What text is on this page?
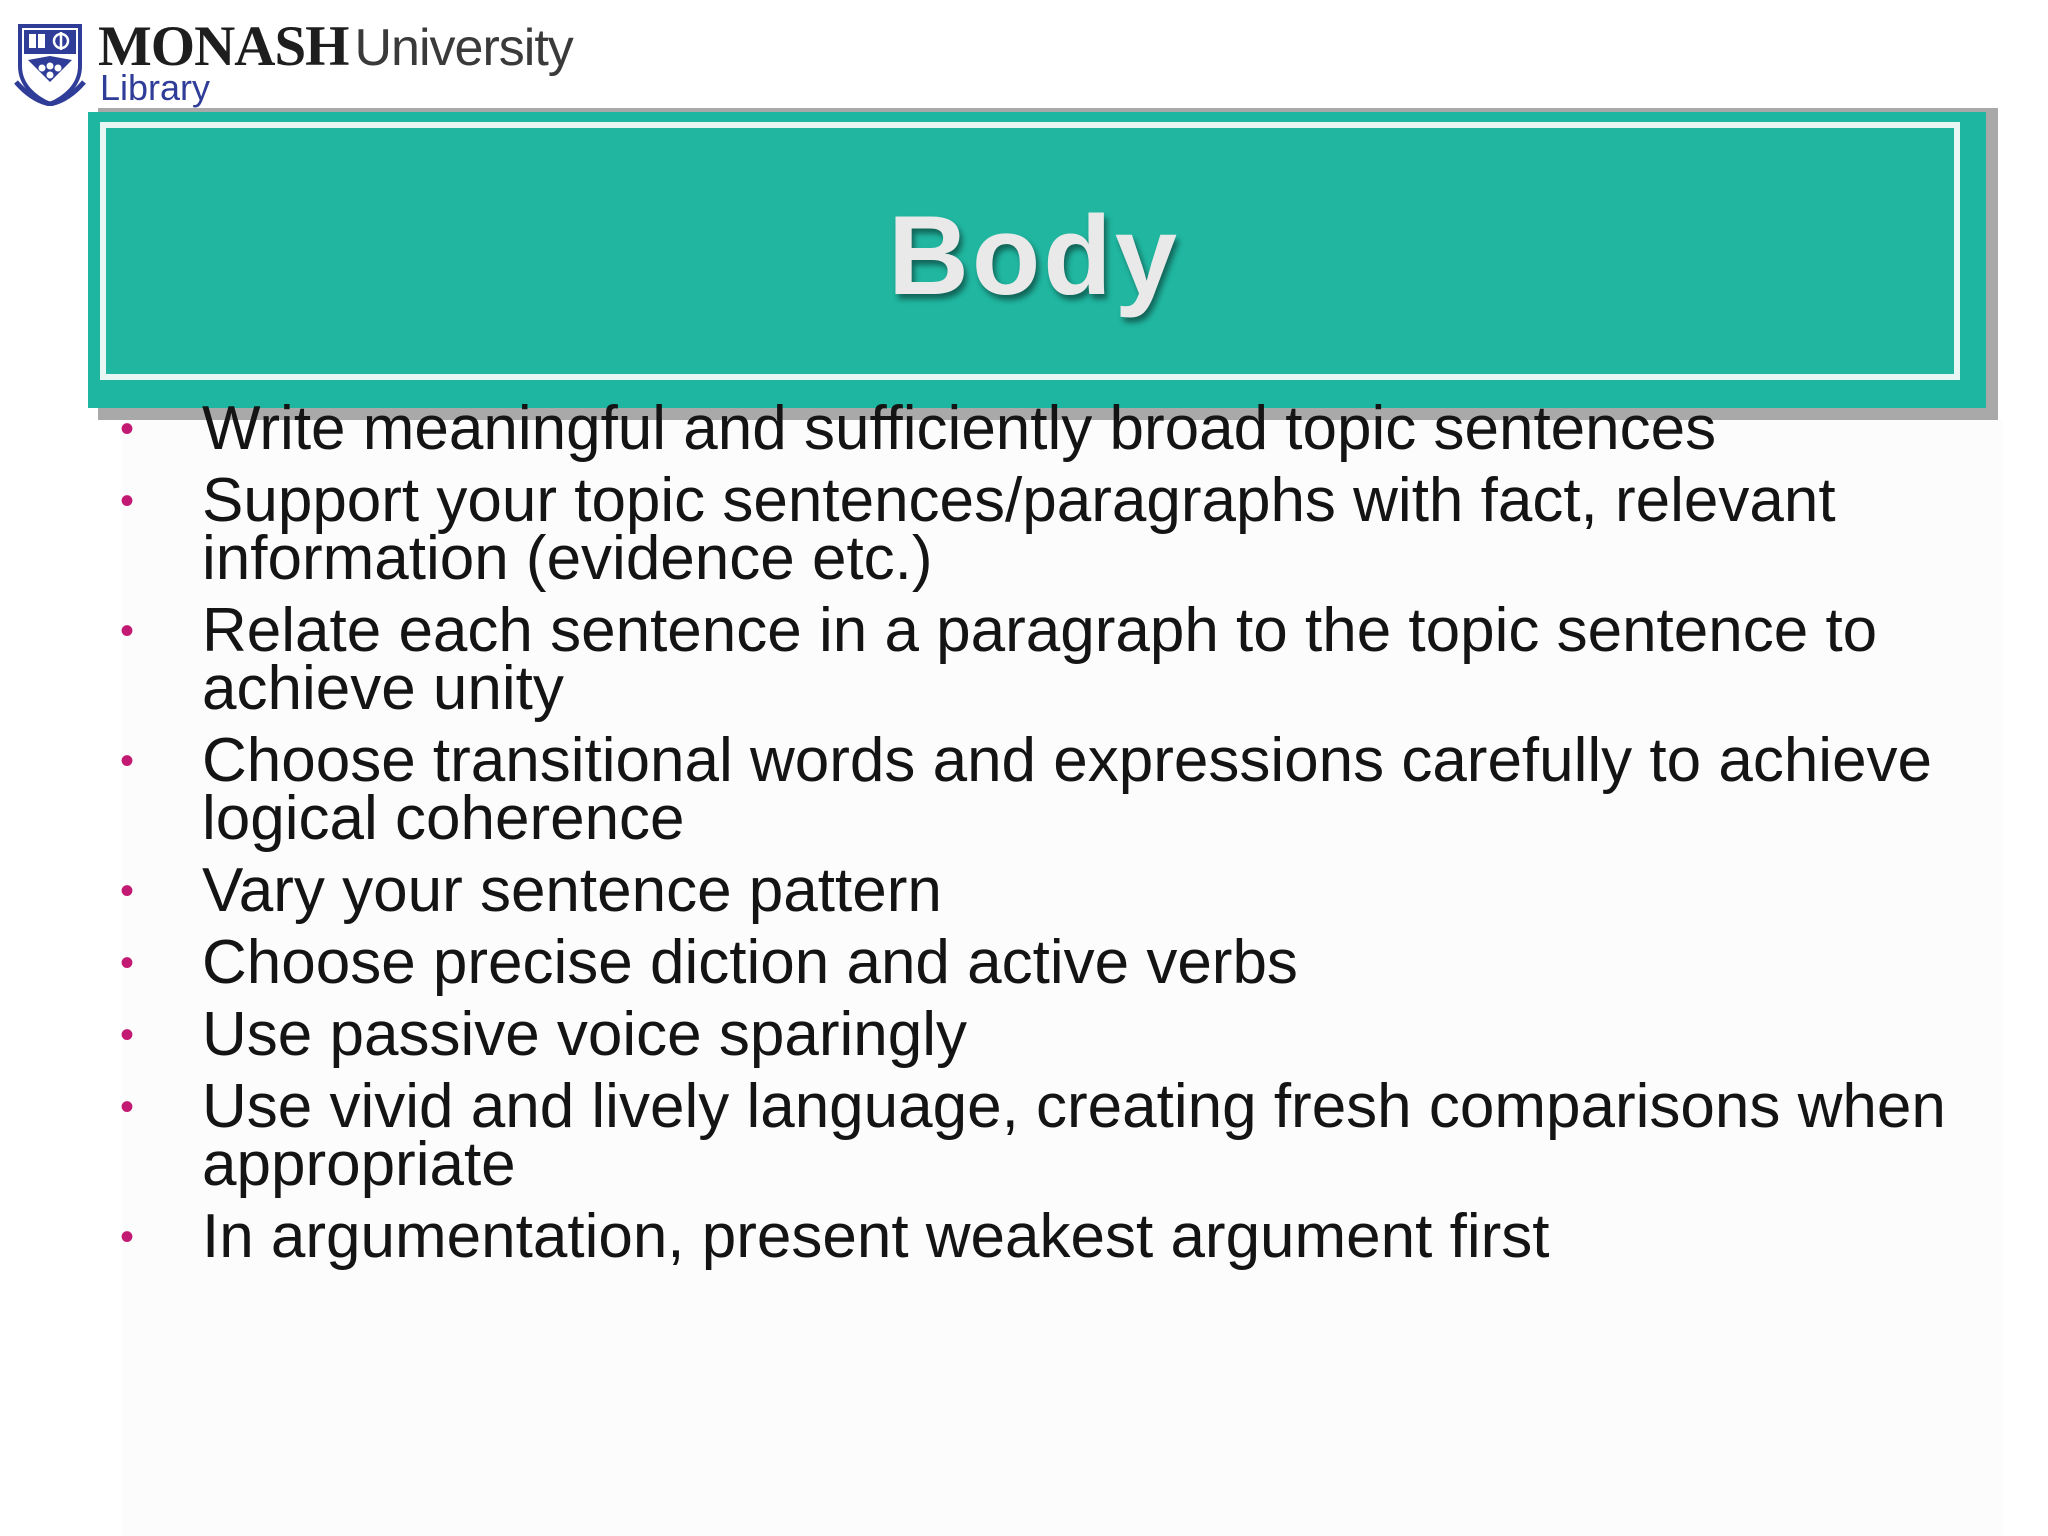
MONASH University
Library
Body
• Write meaningful and sufficiently broad topic sentences
• Support your topic sentences/paragraphs with fact, relevant information (evidence etc.)
• Relate each sentence in a paragraph to the topic sentence to achieve unity
• Choose transitional words and expressions carefully to achieve logical coherence
• Vary your sentence pattern
• Choose precise diction and active verbs
• Use passive voice sparingly
• Use vivid and lively language, creating fresh comparisons when appropriate
• In argumentation, present weakest argument first
